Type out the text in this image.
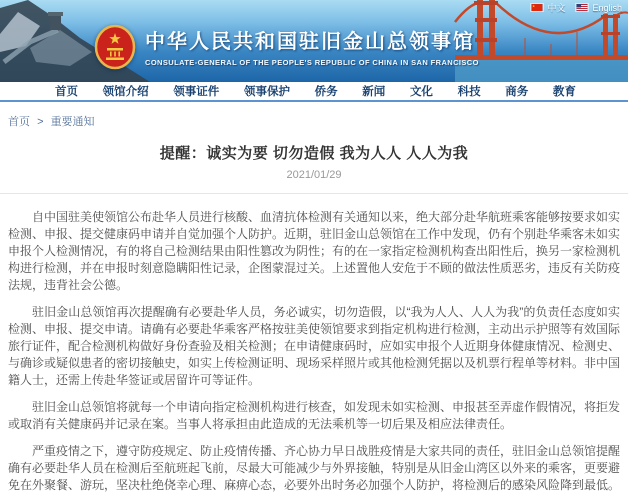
中文	English
中华人民共和国驻旧金山总领事馆
CONSULATE-GENERAL OF THE PEOPLE'S REPUBLIC OF CHINA IN SAN FRANCISCO
首页 领馆介绍 领事证件 领事保护 侨务 新闻 文化 科技 商务 教育
首页 > 重要通知
提醒：诚实为要 切勿造假 我为人人 人人为我
2021/01/29

自中国驻美使领馆公布赴华人员进行核酸、血清抗体检测有关通知以来，绝大部分赴华航班乘客能够按要求如实检测、申报、提交健康码申请并自觉加强个人防护。近期，驻旧金山总领馆在工作中发现，仍有个别赴华乘客未如实申报个人检测情况，有的将自己检测结果由阳性篡改为阴性；有的在一家指定检测机构查出阳性后，换另一家检测机构进行检测，并在申报时刻意隐瞒阳性记录，企图蒙混过关。上述置他人安危于不顾的做法性质恶劣，违反有关防疫法规，违背社会公德。

驻旧金山总领馆再次提醒确有必要赴华人员，务必诚实，切勿造假，以“我为人人、人人为我”的负责任态度如实检测、申报、提交申请。请确有必要赴华乘客严格按驻美使领馆要求到指定机构进行检测，主动出示护照等有效国际旅行证件，配合检测机构做好身份查验及相关检测；在申请健康码时，应如实申报个人近期身体健康情况、检测史、与确诊或疑似患者的密切接触史，如实上传检测证明、现场采样照片或其他检测凭据以及机票行程单等材料。非中国籍人士，还需上传赴华签证或居留许可等证件。

驻旧金山总领馆将就每一个申请向指定检测机构进行核查，如发现未如实检测、申报甚至弄虚作假情况，将拒发或取消有关健康码并记录在案。当事人将承担由此造成的无法乘机等一切后果及相应法律责任。

严重疫情之下，遵守防疫规定、防止疫情传播、齐心协力早日战胜疫情是大家共同的责任，驻旧金山总领馆提醒确有必要赴华人员在检测后至航班起飞前，尽最大可能减少与外界接触，特别是从旧金山湾区以外来的乘客，更要避免在外聚餐、游玩，坚决杜绝侥幸心理、麻痹心态，必要外出时务必加强个人防护，将检测后的感染风险降到最低。
